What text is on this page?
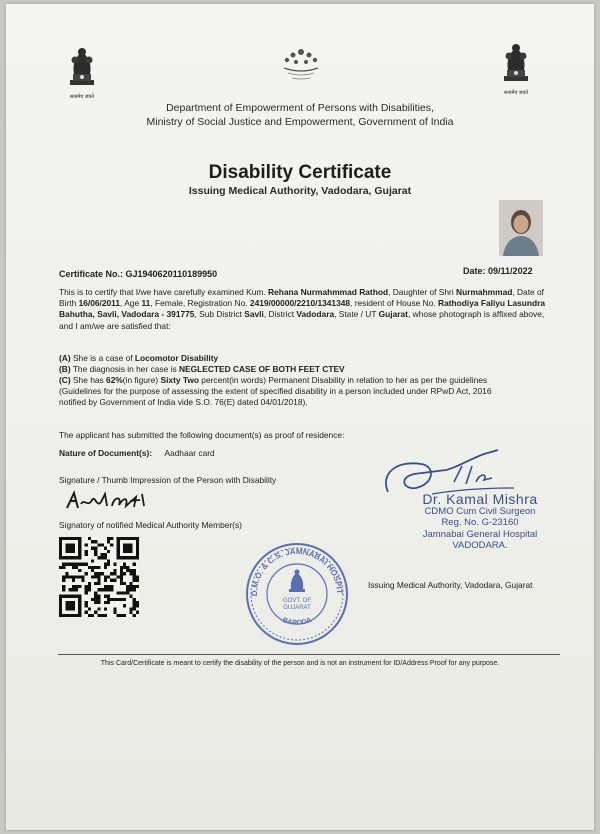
सत्यमेव जयते
सत्यमेव जयते
Department of Empowerment of Persons with Disabilities,
Ministry of Social Justice and Empowerment, Government of India
Disability Certificate
Issuing Medical Authority, Vadodara, Gujarat
Certificate No.: GJ1940620110189950	Date: 09/11/2022
This is to certify that I/we have carefully examined Kum. Rehana Nurmahmmad Rathod, Daughter of Shri Nurmahmmad, Date of Birth 16/06/2011, Age 11, Female, Registration No. 2419/00000/2210/1341348, resident of House No. Rathodiya Faliyu Lasundra Bahutha, Savli, Vadodara - 391775, Sub District Savli, District Vadodara, State / UT Gujarat, whose photograph is affixed above, and I am/we are satisfied that:
(A) She is a case of Locomotor Disability
(B) The diagnosis in her case is NEGLECTED CASE OF BOTH FEET CTEV
(C) She has 62%(in figure) Sixty Two percent(in words) Permanent Disability in relation to her as per the guidelines
(Guidelines for the purpose of assessing the extent of specified disability in a person included under RPwD Act, 2016
notified by Government of India vide S.O. 76(E) dated 04/01/2018).
The applicant has submitted the following document(s) as proof of residence:
Nature of Document(s): Aadhaar card
Signature / Thumb Impression of the Person with Disability
Signatory of notified Medical Authority Member(s)
D.M.O. & C.S. JAMNABAI HOSPIT
BARODA
GOVT. OF
GUJARAT
Dr. Kamal Mishra
CDMO Cum Civil Surgeon
Reg. No. G-23160
Jamnabai General Hospital
VADODARA.
Issuing Medical Authority, Vadodara, Gujarat
This Card/Certificate is meant to certify the disability of the person and is not an instrument for ID/Address Proof for any purpose.
